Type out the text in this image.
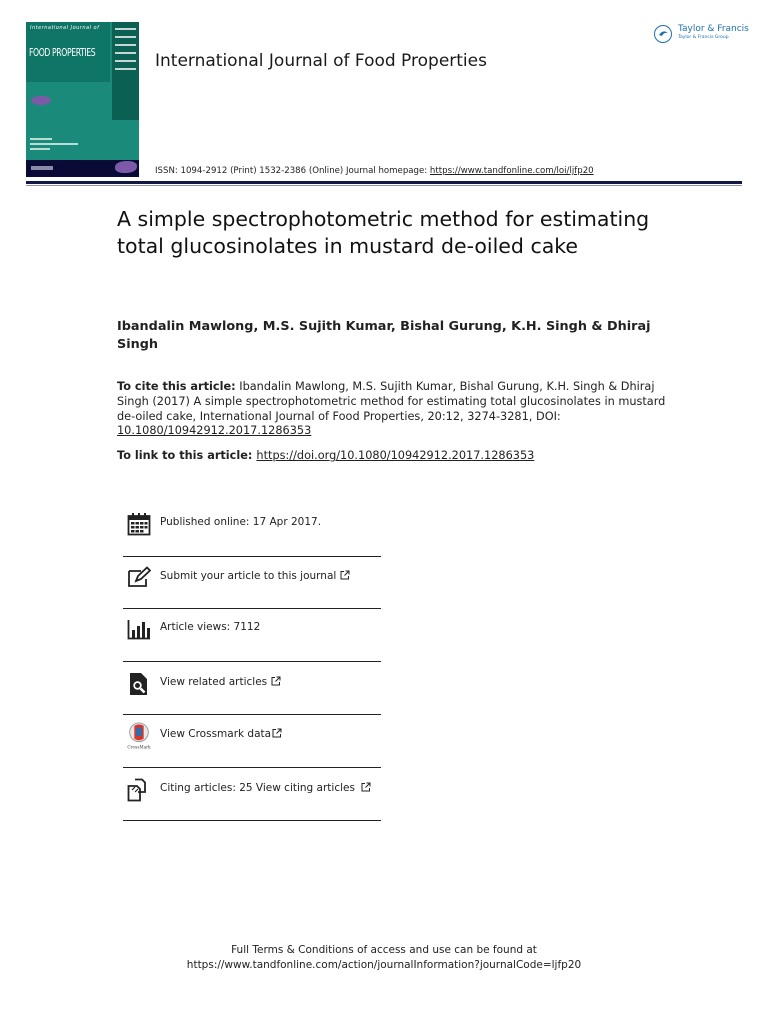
International Journal of
FOOD PROPERTIES	International Journal of Food Properties
Taylor & Francis
Taylor & Francis Group
ISSN: 1094-2912 (Print) 1532-2386 (Online) Journal homepage: https://www.tandfonline.com/loi/ljfp20
A simple spectrophotometric method for estimating total glucosinolates in mustard de-oiled cake
Ibandalin Mawlong, M.S. Sujith Kumar, Bishal Gurung, K.H. Singh & Dhiraj Singh
To cite this article: Ibandalin Mawlong, M.S. Sujith Kumar, Bishal Gurung, K.H. Singh & Dhiraj Singh (2017) A simple spectrophotometric method for estimating total glucosinolates in mustard de-oiled cake, International Journal of Food Properties, 20:12, 3274-3281, DOI: 10.1080/10942912.2017.1286353
To link to this article: https://doi.org/10.1080/10942912.2017.1286353
Published online: 17 Apr 2017.
Submit your article to this journal
Article views: 7112
View related articles
CrossMark
View Crossmark data
Citing articles: 25 View citing articles
Full Terms & Conditions of access and use can be found at
https://www.tandfonline.com/action/journalInformation?journalCode=ljfp20
